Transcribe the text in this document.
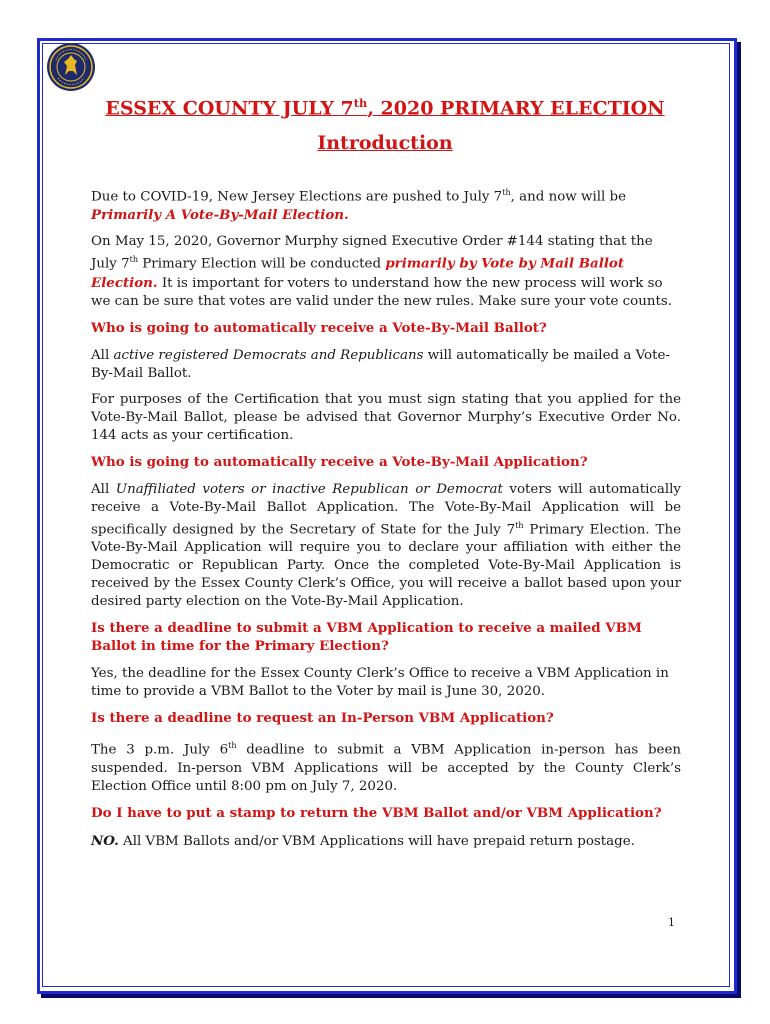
ESSEX COUNTY JULY 7th, 2020 PRIMARY ELECTION
Introduction

Due to COVID-19, New Jersey Elections are pushed to July 7th, and now will be
Primarily A Vote-By-Mail Election.

On May 15, 2020, Governor Murphy signed Executive Order #144 stating that the July 7th Primary Election will be conducted primarily by Vote by Mail Ballot Election. It is important for voters to understand how the new process will work so we can be sure that votes are valid under the new rules. Make sure your vote counts.

Who is going to automatically receive a Vote-By-Mail Ballot?

All active registered Democrats and Republicans will automatically be mailed a Vote-By-Mail Ballot.

For purposes of the Certification that you must sign stating that you applied for the Vote-By-Mail Ballot, please be advised that Governor Murphy’s Executive Order No. 144 acts as your certification.

Who is going to automatically receive a Vote-By-Mail Application?

All Unaffiliated voters or inactive Republican or Democrat voters will automatically receive a Vote-By-Mail Ballot Application. The Vote-By-Mail Application will be specifically designed by the Secretary of State for the July 7th Primary Election. The Vote-By-Mail Application will require you to declare your affiliation with either the Democratic or Republican Party. Once the completed Vote-By-Mail Application is received by the Essex County Clerk’s Office, you will receive a ballot based upon your desired party election on the Vote-By-Mail Application.

Is there a deadline to submit a VBM Application to receive a mailed VBM Ballot in time for the Primary Election?

Yes, the deadline for the Essex County Clerk’s Office to receive a VBM Application in time to provide a VBM Ballot to the Voter by mail is June 30, 2020.

Is there a deadline to request an In-Person VBM Application?

The 3 p.m. July 6th deadline to submit a VBM Application in-person has been suspended. In-person VBM Applications will be accepted by the County Clerk’s Election Office until 8:00 pm on July 7, 2020.

Do I have to put a stamp to return the VBM Ballot and/or VBM Application?

NO. All VBM Ballots and/or VBM Applications will have prepaid return postage.

1
